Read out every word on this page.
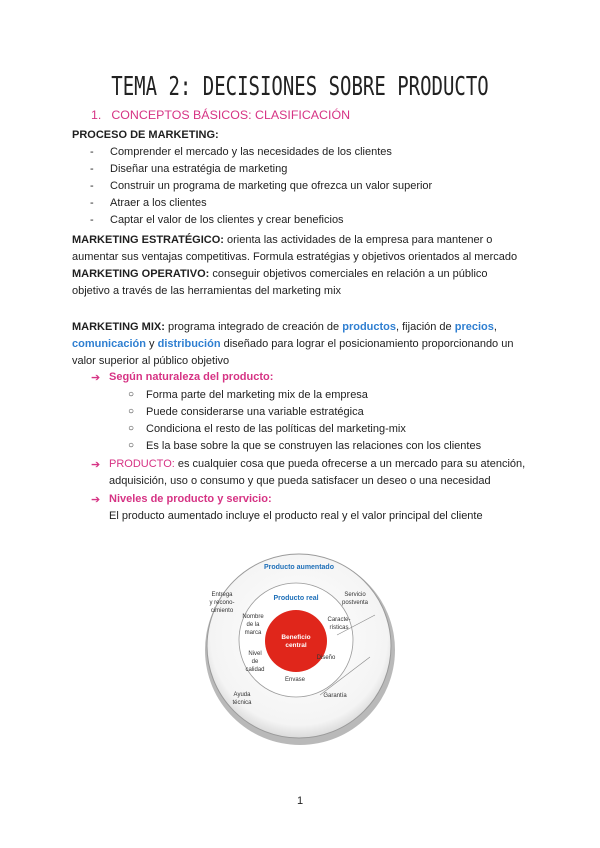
TEMA 2: DECISIONES SOBRE PRODUCTO
1. CONCEPTOS BÁSICOS: CLASIFICACIÓN
PROCESO DE MARKETING:
- Comprender el mercado y las necesidades de los clientes
- Diseñar una estratégia de marketing
- Construir un programa de marketing que ofrezca un valor superior
- Atraer a los clientes
- Captar el valor de los clientes y crear beneficios
MARKETING ESTRATÉGICO: orienta las actividades de la empresa para mantener o
aumentar sus ventajas competitivas. Formula estratégias y objetivos orientados al mercado
MARKETING OPERATIVO: conseguir objetivos comerciales en relación a un público
objetivo a través de las herramientas del marketing mix
MARKETING MIX: programa integrado de creación de productos, fijación de precios,
comunicación y distribución diseñado para lograr el posicionamiento proporcionando un
valor superior al público objetivo
➔ Según naturaleza del producto:
○ Forma parte del marketing mix de la empresa
○ Puede considerarse una variable estratégica
○ Condiciona el resto de las políticas del marketing-mix
○ Es la base sobre la que se construyen las relaciones con los clientes
➔ PRODUCTO: es cualquier cosa que pueda ofrecerse a un mercado para su atención,
adquisición, uso o consumo y que pueda satisfacer un deseo o una necesidad
➔ Niveles de producto y servicio:
El producto aumentado incluye el producto real y el valor principal del cliente
Producto aumentado
Producto real
Beneficio
central
Entrega
y recono-
cimiento
Servicio
postventa
Ayuda
técnica
Garantía
Nombre
de la
marca
Caracte-
rísticas
Nivel
de
calidad
Diseño
Envase
1
